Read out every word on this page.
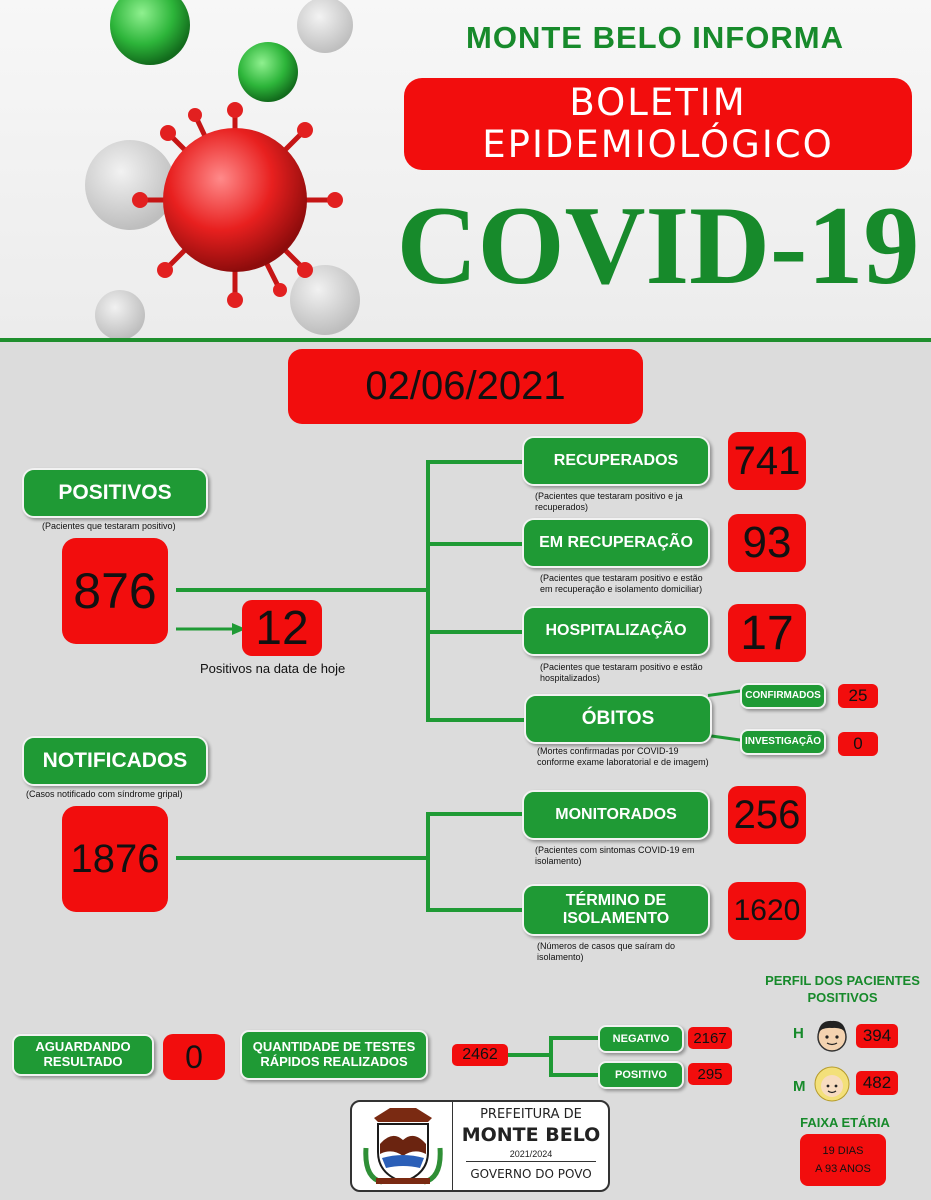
MONTE BELO INFORMA
BOLETIM
EPIDEMIOLÓGICO
COVID-19
02/06/2021
POSITIVOS
(Pacientes que testaram positivo)
876
12
Positivos na data de hoje
RECUPERADOS	741
(Pacientes que testaram positivo e ja recuperados)
EM RECUPERAÇÃO	93
(Pacientes que testaram positivo e estão em recuperação e isolamento domiciliar)
HOSPITALIZAÇÃO	17
(Pacientes que testaram positivo e estão hospitalizados)
ÓBITOS
(Mortes confirmadas por COVID-19 conforme exame laboratorial e de imagem)
CONFIRMADOS	25
INVESTIGAÇÃO	0
NOTIFICADOS
(Casos notificado com síndrome gripal)
1876
MONITORADOS	256
(Pacientes com sintomas COVID-19 em isolamento)
TÉRMINO DE
ISOLAMENTO 1620
(Números de casos que saíram do isolamento)
AGUARDANDO
RESULTADO	0	QUANTIDADE DE TESTES
RÁPIDOS REALIZADOS	2462
NEGATIVO	2167
POSITIVO	295
PERFIL DOS PACIENTES
POSITIVOS
H	394
M	482
FAIXA ETÁRIA
19 DIAS
A 93 ANOS
PREFEITURA DE
MONTE BELO
2021/2024
GOVERNO DO POVO
